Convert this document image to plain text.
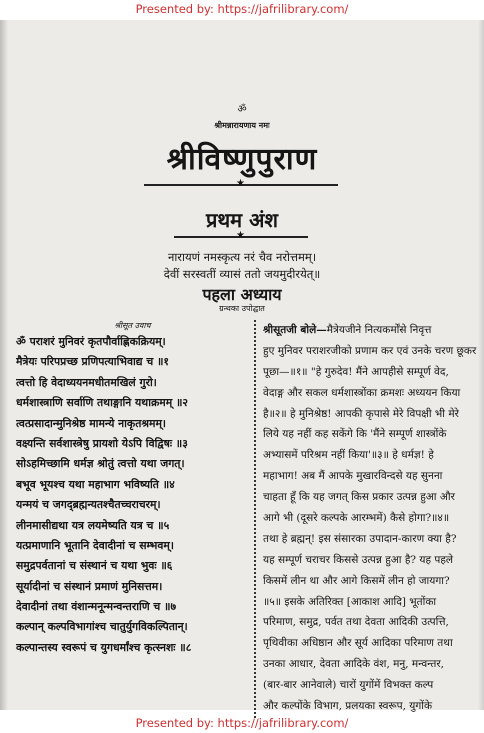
Presented by: https://jafrilibrary.com/
ॐ
श्रीमन्नारायणाय नमः
श्रीविष्णुपुराण
★
प्रथम अंश
★
नारायणं नमस्कृत्य नरं चैव नरोत्तमम्।
देवीं सरस्वतीं व्यासं ततो जयमुदीरयेत्॥
पहला अध्याय
ग्रन्थका उपोद्घात
श्रीसूत उवाच
ॐ पराशरं मुनिवरं कृतपौर्वाह्णिकक्रियम्।
मैत्रेयः परिपप्रच्छ प्रणिपत्याभिवाद्य च ॥१
त्वत्तो हि वेदाध्ययनमधीतमखिलं गुरो।
धर्मशास्त्राणि सर्वाणि तथाङ्गानि यथाक्रमम् ॥२
त्वत्प्रसादान्मुनिश्रेष्ठ मामन्ये नाकृतश्रमम्।
वक्ष्यन्ति सर्वशास्त्रेषु प्रायशो येऽपि विद्विषः ॥३
सोऽहमिच्छामि धर्मज्ञ श्रोतुं त्वत्तो यथा जगत्।
बभूव भूयश्च यथा महाभाग भविष्यति ॥४
यन्मयं च जगद्ब्रह्मन्यतश्चैतच्चराचरम्।
लीनमासीद्यथा यत्र लयमेष्यति यत्र च ॥५
यत्प्रमाणानि भूतानि देवादीनां च सम्भवम्।
समुद्रपर्वतानां च संस्थानं च यथा भुवः ॥६
सूर्यादीनां च संस्थानं प्रमाणं मुनिसत्तम।
देवादीनां तथा वंशान्मनून्मन्वन्तराणि च ॥७
कल्पान् कल्पविभागांश्च चातुर्युगविकल्पितान्।
कल्पान्तस्य स्वरूपं च युगधर्मांश्च कृत्स्नशः ॥८
श्रीसूतजी बोले—मैत्रेयजीने नित्यकर्मोंसे निवृत्त
हुए मुनिवर पराशरजीको प्रणाम कर एवं उनके चरण छूकर
पूछा—॥१॥ "हे गुरुदेव! मैंने आपहीसे सम्पूर्ण वेद,
वेदाङ्ग और सकल धर्मशास्त्रोंका क्रमशः अध्ययन किया
है॥२॥ हे मुनिश्रेष्ठ! आपकी कृपासे मेरे विपक्षी भी मेरे
लिये यह नहीं कह सकेंगे कि 'मैंने सम्पूर्ण शास्त्रोंके
अभ्यासमें परिश्रम नहीं किया'॥३॥ हे धर्मज्ञ! हे
महाभाग! अब मैं आपके मुखारविन्दसे यह सुनना
चाहता हूँ कि यह जगत् किस प्रकार उत्पन्न हुआ और
आगे भी (दूसरे कल्पके आरम्भमें) कैसे होगा?॥४॥
तथा हे ब्रह्मन्! इस संसारका उपादान-कारण क्या है?
यह सम्पूर्ण चराचर किससे उत्पन्न हुआ है? यह पहले
किसमें लीन था और आगे किसमें लीन हो जायगा?
॥५॥ इसके अतिरिक्त [आकाश आदि] भूतोंका
परिमाण, समुद्र, पर्वत तथा देवता आदिकी उत्पत्ति,
पृथिवीका अधिष्ठान और सूर्य आदिका परिमाण तथा
उनका आधार, देवता आदिके वंश, मनु, मन्वन्तर,
(बार-बार आनेवाले) चारों युगोंमें विभक्त कल्प
और कल्पोंके विभाग, प्रलयका स्वरूप, युगोंके
Presented by: https://jafrilibrary.com/
